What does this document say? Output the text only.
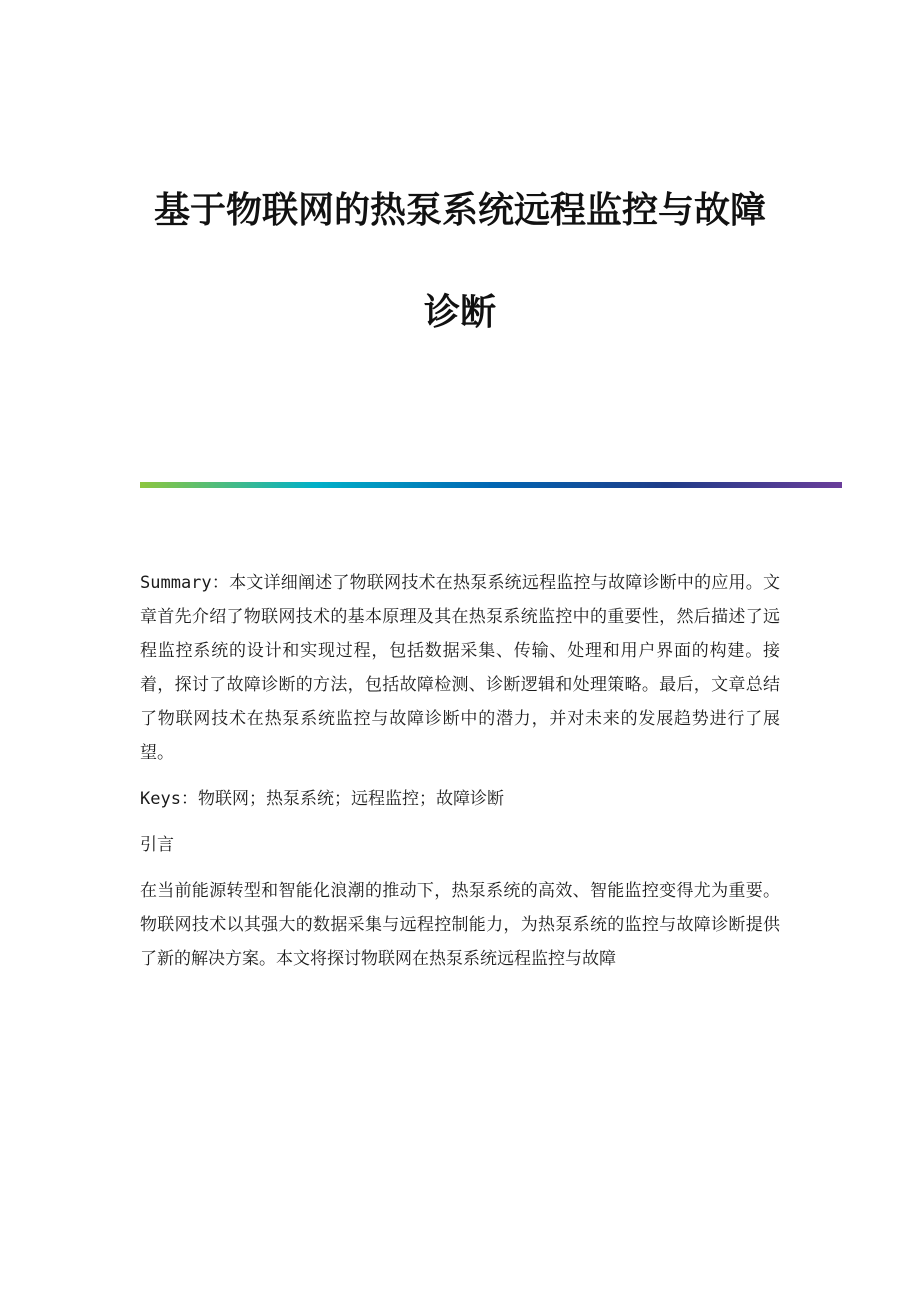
基于物联网的热泵系统远程监控与故障
诊断

Summary：本文详细阐述了物联网技术在热泵系统远程监控与故障诊断中的应用。文章首先介绍了物联网技术的基本原理及其在热泵系统监控中的重要性，然后描述了远程监控系统的设计和实现过程，包括数据采集、传输、处理和用户界面的构建。接着，探讨了故障诊断的方法，包括故障检测、诊断逻辑和处理策略。最后，文章总结了物联网技术在热泵系统监控与故障诊断中的潜力，并对未来的发展趋势进行了展望。

Keys：物联网；热泵系统；远程监控；故障诊断

引言

在当前能源转型和智能化浪潮的推动下，热泵系统的高效、智能监控变得尤为重要。物联网技术以其强大的数据采集与远程控制能力，为热泵系统的监控与故障诊断提供了新的解决方案。本文将探讨物联网在热泵系统远程监控与故障
